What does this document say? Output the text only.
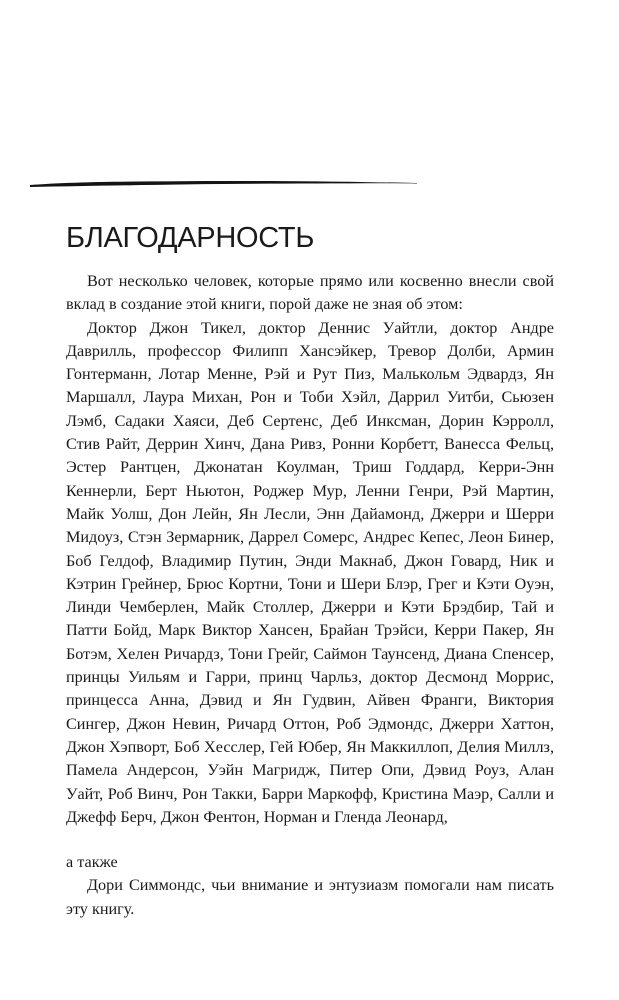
БЛАГОДАРНОСТЬ

Вот несколько человек, которые прямо или косвенно внесли свой вклад в создание этой книги, порой даже не зная об этом:

Доктор Джон Тикел, доктор Деннис Уайтли, доктор Андре Даврилль, профессор Филипп Хансэйкер, Тревор Долби, Армин Гонтерманн, Лотар Менне, Рэй и Рут Пиз, Малькольм Эдвардз, Ян Маршалл, Лаура Михан, Рон и Тоби Хэйл, Даррил Уитби, Сьюзен Лэмб, Садаки Хаяси, Деб Сертенс, Деб Инксман, Дорин Кэрролл, Стив Райт, Деррин Хинч, Дана Ривз, Ронни Корбетт, Ванесса Фельц, Эстер Рантцен, Джонатан Коулман, Триш Годдард, Керри-Энн Кеннерли, Берт Ньютон, Роджер Мур, Ленни Генри, Рэй Мартин, Майк Уолш, Дон Лейн, Ян Лесли, Энн Дайамонд, Джерри и Шерри Мидоуз, Стэн Зермарник, Даррел Сомерс, Андрес Кепес, Леон Бинер, Боб Гелдоф, Владимир Путин, Энди Макнаб, Джон Говард, Ник и Кэтрин Грейнер, Брюс Кортни, Тони и Шери Блэр, Грег и Кэти Оуэн, Линди Чемберлен, Майк Столлер, Джерри и Кэти Брэдбир, Тай и Патти Бойд, Марк Виктор Хансен, Брайан Трэйси, Керри Пакер, Ян Ботэм, Хелен Ричардз, Тони Грейг, Саймон Таунсенд, Диана Спенсер, принцы Уильям и Гарри, принц Чарльз, доктор Десмонд Моррис, принцесса Анна, Дэвид и Ян Гудвин, Айвен Франги, Виктория Сингер, Джон Невин, Ричард Оттон, Роб Эдмондс, Джерри Хаттон, Джон Хэпворт, Боб Хесслер, Гей Юбер, Ян Маккиллоп, Делия Миллз, Памела Андерсон, Уэйн Магридж, Питер Опи, Дэвид Роуз, Алан Уайт, Роб Винч, Рон Такки, Барри Маркофф, Кристина Маэр, Салли и Джефф Берч, Джон Фентон, Норман и Гленда Леонард,

а также

Дори Симмондс, чьи внимание и энтузиазм помогали нам писать эту книгу.
